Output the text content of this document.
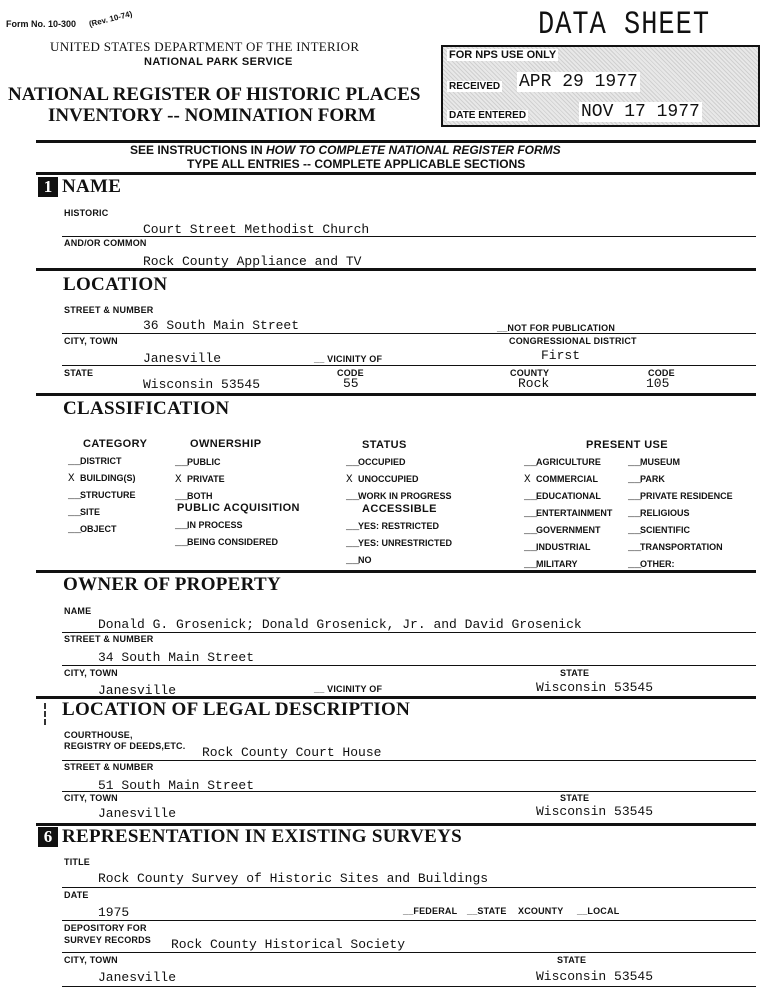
Form No. 10-300 (Rev. 10-74)
UNITED STATES DEPARTMENT OF THE INTERIOR
NATIONAL PARK SERVICE
NATIONAL REGISTER OF HISTORIC PLACES
INVENTORY -- NOMINATION FORM
DATA SHEET
FOR NPS USE ONLY
RECEIVED APR 29 1977
DATE ENTERED	NOV 17 1977
SEE INSTRUCTIONS IN HOW TO COMPLETE NATIONAL REGISTER FORMS
TYPE ALL ENTRIES -- COMPLETE APPLICABLE SECTIONS
1 NAME
HISTORIC
Court Street Methodist Church
AND/OR COMMON
Rock County Appliance and TV
LOCATION
STREET & NUMBER
36 South Main Street	__NOT FOR PUBLICATION
CITY, TOWN	CONGRESSIONAL DISTRICT
Janesville	__ VICINITY OF	First
STATE	CODE	COUNTY	CODE
Wisconsin 53545	55	Rock	105
CLASSIFICATION
CATEGORY
__DISTRICT
X BUILDING(S)
__STRUCTURE
__SITE
__OBJECT
OWNERSHIP
__PUBLIC
X PRIVATE
__BOTH
PUBLIC ACQUISITION
__IN PROCESS
__BEING CONSIDERED
STATUS
__OCCUPIED
X UNOCCUPIED
__WORK IN PROGRESS
ACCESSIBLE
__YES: RESTRICTED
__YES: UNRESTRICTED
__NO
PRESENT USE
__AGRICULTURE
X COMMERCIAL
__EDUCATIONAL
__ENTERTAINMENT
__GOVERNMENT
__INDUSTRIAL
__MILITARY
__MUSEUM
__PARK
__PRIVATE RESIDENCE
__RELIGIOUS
__SCIENTIFIC
__TRANSPORTATION
__OTHER:
OWNER OF PROPERTY
NAME
Donald G. Grosenick; Donald Grosenick, Jr. and David Grosenick
STREET & NUMBER
34 South Main Street
CITY, TOWN	STATE
Janesville	__ VICINITY OF	Wisconsin 53545
LOCATION OF LEGAL DESCRIPTION
COURTHOUSE,
REGISTRY OF DEEDS,ETC. Rock County Court House
STREET & NUMBER
51 South Main Street
CITY, TOWN	STATE
Janesville	Wisconsin 53545
6 REPRESENTATION IN EXISTING SURVEYS
TITLE
Rock County Survey of Historic Sites and Buildings
DATE
1975	__FEDERAL __STATE XCOUNTY __LOCAL
DEPOSITORY FOR
SURVEY RECORDS Rock County Historical Society
CITY, TOWN	STATE
Janesville	Wisconsin 53545
